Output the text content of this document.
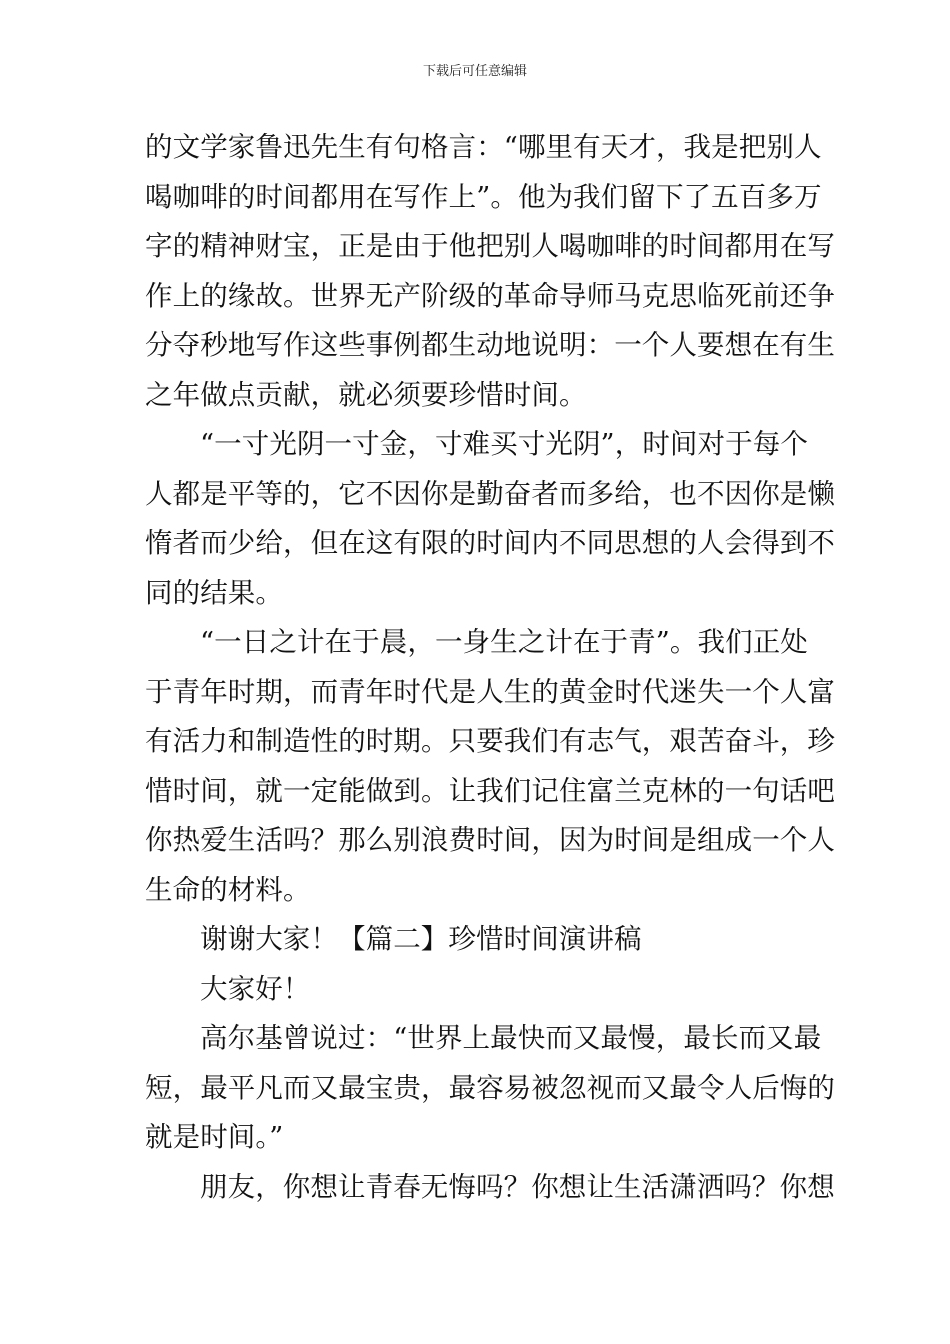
下载后可任意编辑
的文学家鲁迅先生有句格言：“哪里有天才，我是把别人
喝咖啡的时间都用在写作上”。他为我们留下了五百多万
字的精神财宝，正是由于他把别人喝咖啡的时间都用在写
作上的缘故。世界无产阶级的革命导师马克思临死前还争
分夺秒地写作这些事例都生动地说明：一个人要想在有生
之年做点贡献，就必须要珍惜时间。
“一寸光阴一寸金，寸难买寸光阴”，时间对于每个
人都是平等的，它不因你是勤奋者而多给，也不因你是懒
惰者而少给，但在这有限的时间内不同思想的人会得到不
同的结果。
“一日之计在于晨，一身生之计在于青”。我们正处
于青年时期，而青年时代是人生的黄金时代迷失一个人富
有活力和制造性的时期。只要我们有志气，艰苦奋斗，珍
惜时间，就一定能做到。让我们记住富兰克林的一句话吧
你热爱生活吗？那么别浪费时间，因为时间是组成一个人
生命的材料。
谢谢大家！【篇二】珍惜时间演讲稿
大家好！
高尔基曾说过：“世界上最快而又最慢，最长而又最
短，最平凡而又最宝贵，最容易被忽视而又最令人后悔的
就是时间。”
朋友，你想让青春无悔吗？你想让生活潇洒吗？你想
